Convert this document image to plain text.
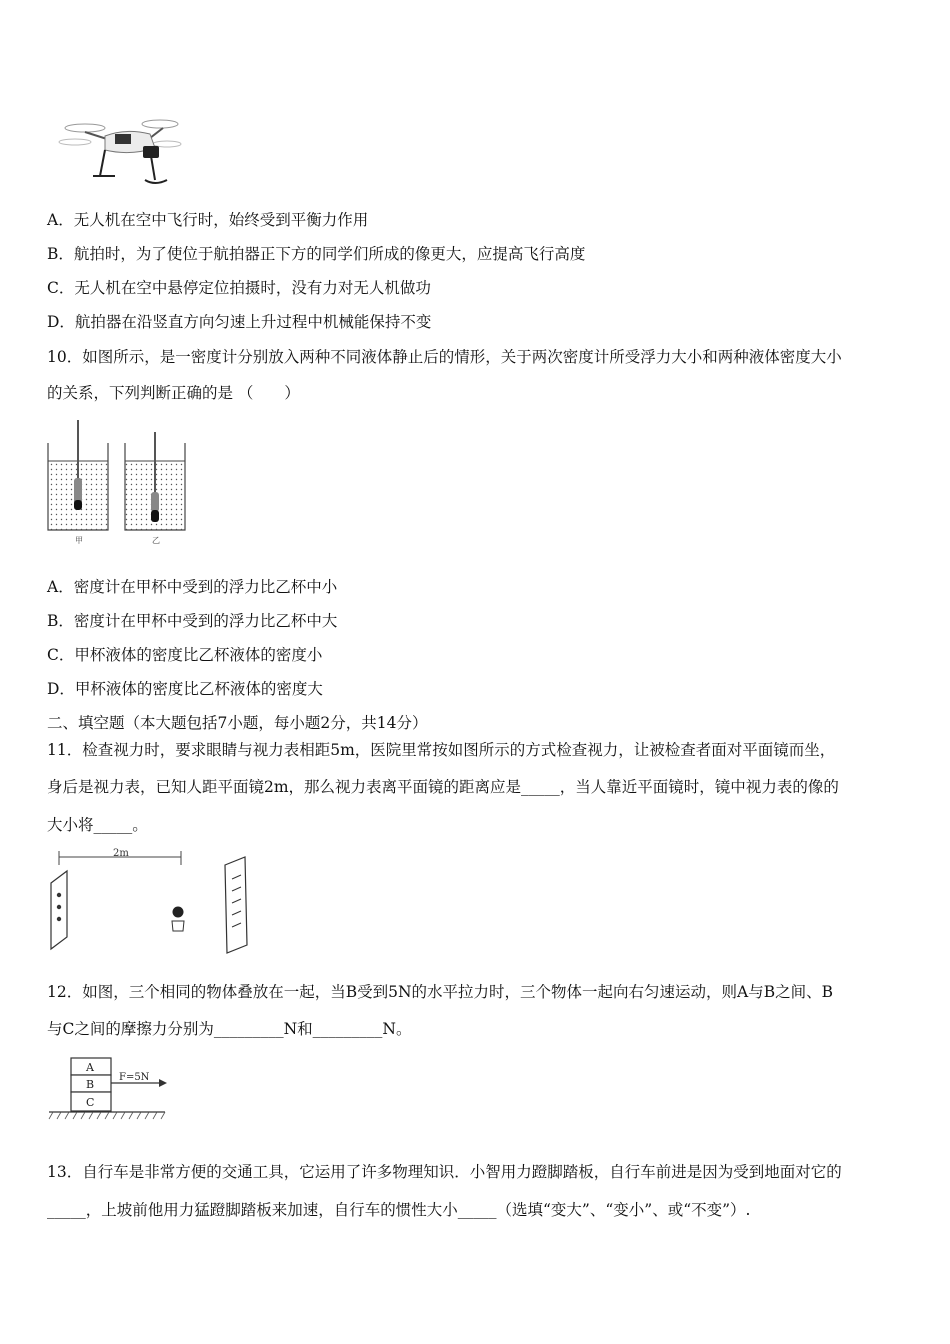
A．无人机在空中飞行时，始终受到平衡力作用
B．航拍时，为了使位于航拍器正下方的同学们所成的像更大，应提高飞行高度
C．无人机在空中悬停定位拍摄时，没有力对无人机做功
D．航拍器在沿竖直方向匀速上升过程中机械能保持不变
10．如图所示，是一密度计分别放入两种不同液体静止后的情形，关于两次密度计所受浮力大小和两种液体密度大小
的关系，下列判断正确的是 （　　）
甲	乙
A．密度计在甲杯中受到的浮力比乙杯中小
B．密度计在甲杯中受到的浮力比乙杯中大
C．甲杯液体的密度比乙杯液体的密度小
D．甲杯液体的密度比乙杯液体的密度大
二、填空题（本大题包括7小题，每小题2分，共14分）
11．检查视力时，要求眼睛与视力表相距5m，医院里常按如图所示的方式检查视力，让被检查者面对平面镜而坐，
身后是视力表，已知人距平面镜2m，那么视力表离平面镜的距离应是_____，当人靠近平面镜时，镜中视力表的像的
大小将_____。
2m
12．如图，三个相同的物体叠放在一起，当B受到5N的水平拉力时，三个物体一起向右匀速运动，则A与B之间、B
与C之间的摩擦力分别为_________N和_________N。
A
B
C
F=5N
13．自行车是非常方便的交通工具，它运用了许多物理知识．小智用力蹬脚踏板，自行车前进是因为受到地面对它的
_____，上坡前他用力猛蹬脚踏板来加速，自行车的惯性大小_____（选填“变大”、“变小”、或“不变”）.
